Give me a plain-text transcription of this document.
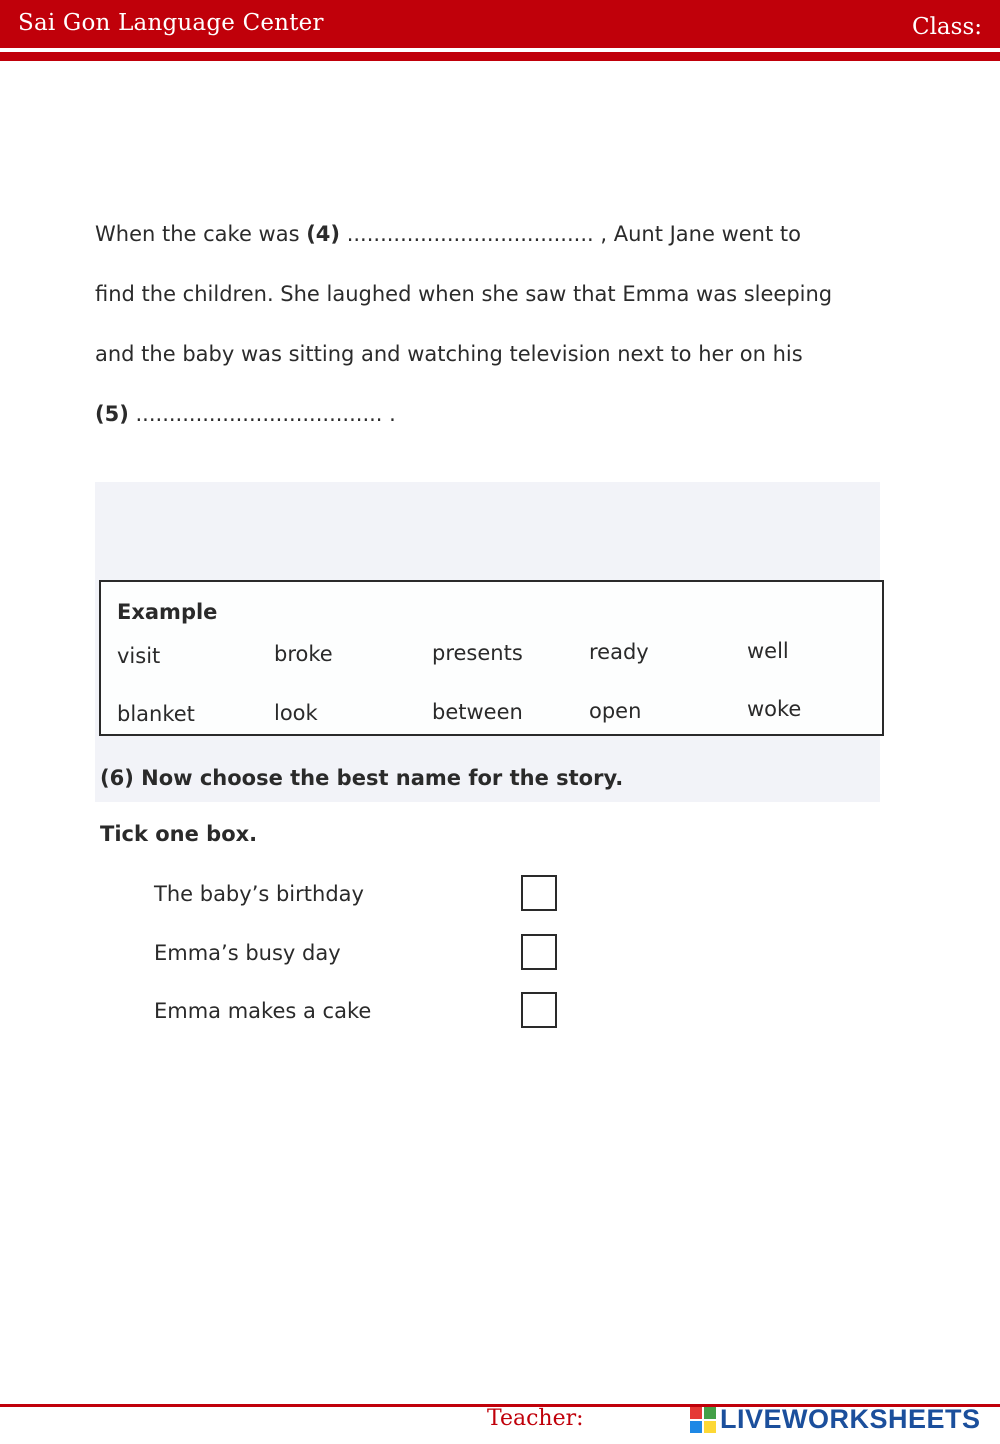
Sai Gon Language Center	Class:
When the cake was (4) ..................................... , Aunt Jane went to
find the children. She laughed when she saw that Emma was sleeping
and the baby was sitting and watching television next to her on his
(5) ..................................... .
Example
visit	broke	presents	ready	well
blanket	look	between	open	woke
(6) Now choose the best name for the story.
Tick one box.
The baby’s birthday
Emma’s busy day
Emma makes a cake
Teacher:	LIVEWORKSHEETS
